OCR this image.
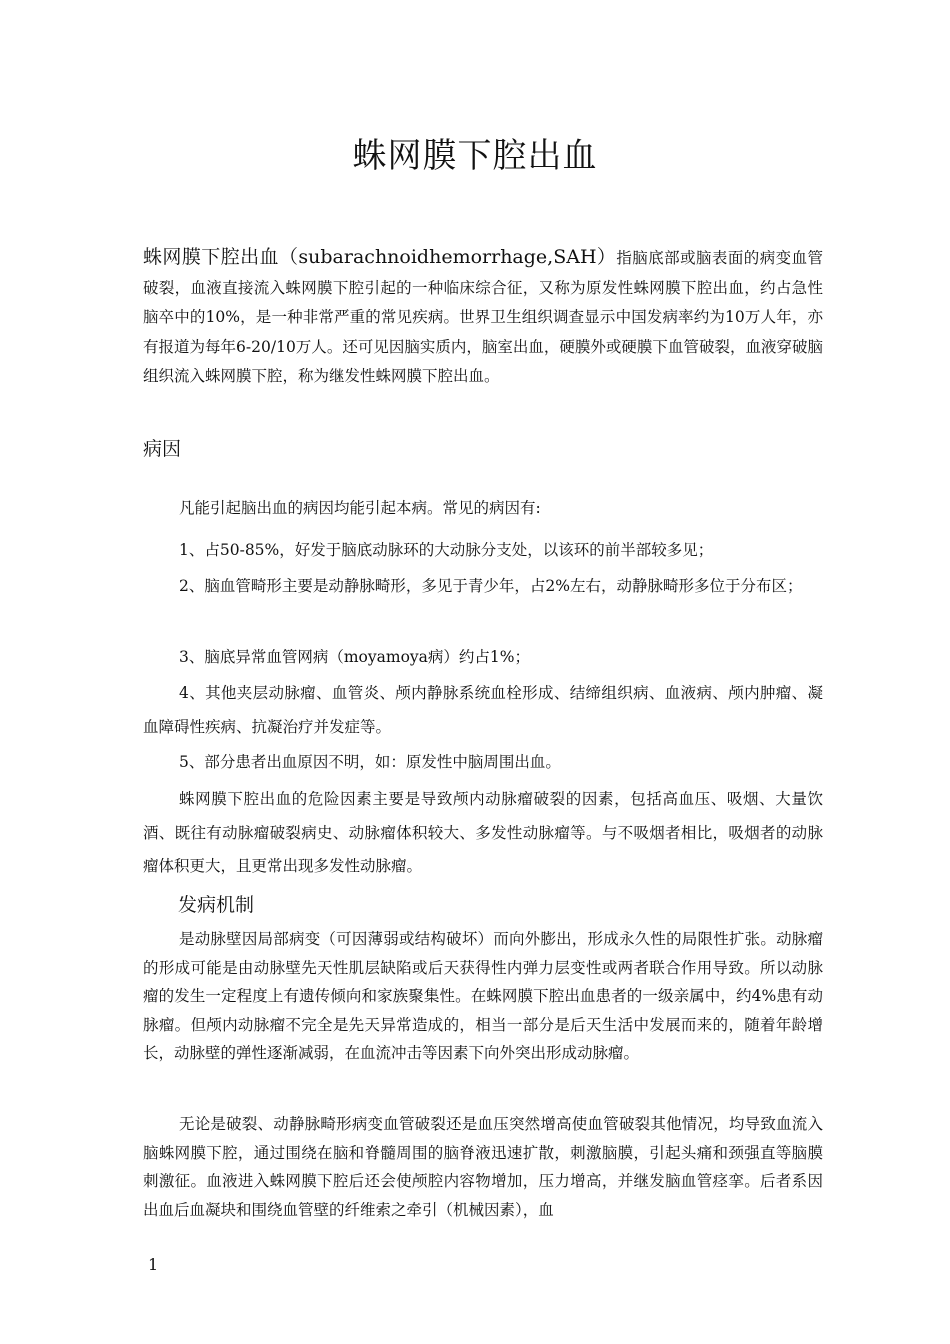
蛛网膜下腔出血

蛛网膜下腔出血（subarachnoidhemorrhage,SAH）指脑底部或脑表面的病变血管破裂，血液直接流入蛛网膜下腔引起的一种临床综合征，又称为原发性蛛网膜下腔出血，约占急性脑卒中的10%，是一种非常严重的常见疾病。世界卫生组织调查显示中国发病率约为10万人年，亦有报道为每年6-20/10万人。还可见因脑实质内，脑室出血，硬膜外或硬膜下血管破裂，血液穿破脑组织流入蛛网膜下腔，称为继发性蛛网膜下腔出血。

病因

凡能引起脑出血的病因均能引起本病。常见的病因有:

1、占50-85%，好发于脑底动脉环的大动脉分支处，以该环的前半部较多见；

2、脑血管畸形主要是动静脉畸形，多见于青少年，占2%左右，动静脉畸形多位于分布区；

3、脑底异常血管网病（moyamoya病）约占1%；

4、其他夹层动脉瘤、血管炎、颅内静脉系统血栓形成、结缔组织病、血液病、颅内肿瘤、凝血障碍性疾病、抗凝治疗并发症等。

5、部分患者出血原因不明，如：原发性中脑周围出血。

蛛网膜下腔出血的危险因素主要是导致颅内动脉瘤破裂的因素，包括高血压、吸烟、大量饮酒、既往有动脉瘤破裂病史、动脉瘤体积较大、多发性动脉瘤等。与不吸烟者相比，吸烟者的动脉瘤体积更大，且更常出现多发性动脉瘤。

发病机制

是动脉壁因局部病变（可因薄弱或结构破坏）而向外膨出，形成永久性的局限性扩张。动脉瘤的形成可能是由动脉壁先天性肌层缺陷或后天获得性内弹力层变性或两者联合作用导致。所以动脉瘤的发生一定程度上有遗传倾向和家族聚集性。在蛛网膜下腔出血患者的一级亲属中，约4%患有动脉瘤。但颅内动脉瘤不完全是先天异常造成的，相当一部分是后天生活中发展而来的，随着年龄增长，动脉壁的弹性逐渐减弱，在血流冲击等因素下向外突出形成动脉瘤。

无论是破裂、动静脉畸形病变血管破裂还是血压突然增高使血管破裂其他情况，均导致血流入脑蛛网膜下腔，通过围绕在脑和脊髓周围的脑脊液迅速扩散，刺激脑膜，引起头痛和颈强直等脑膜刺激征。血液进入蛛网膜下腔后还会使颅腔内容物增加，压力增高，并继发脑血管痉挛。后者系因出血后血凝块和围绕血管壁的纤维索之牵引（机械因素），血

1
